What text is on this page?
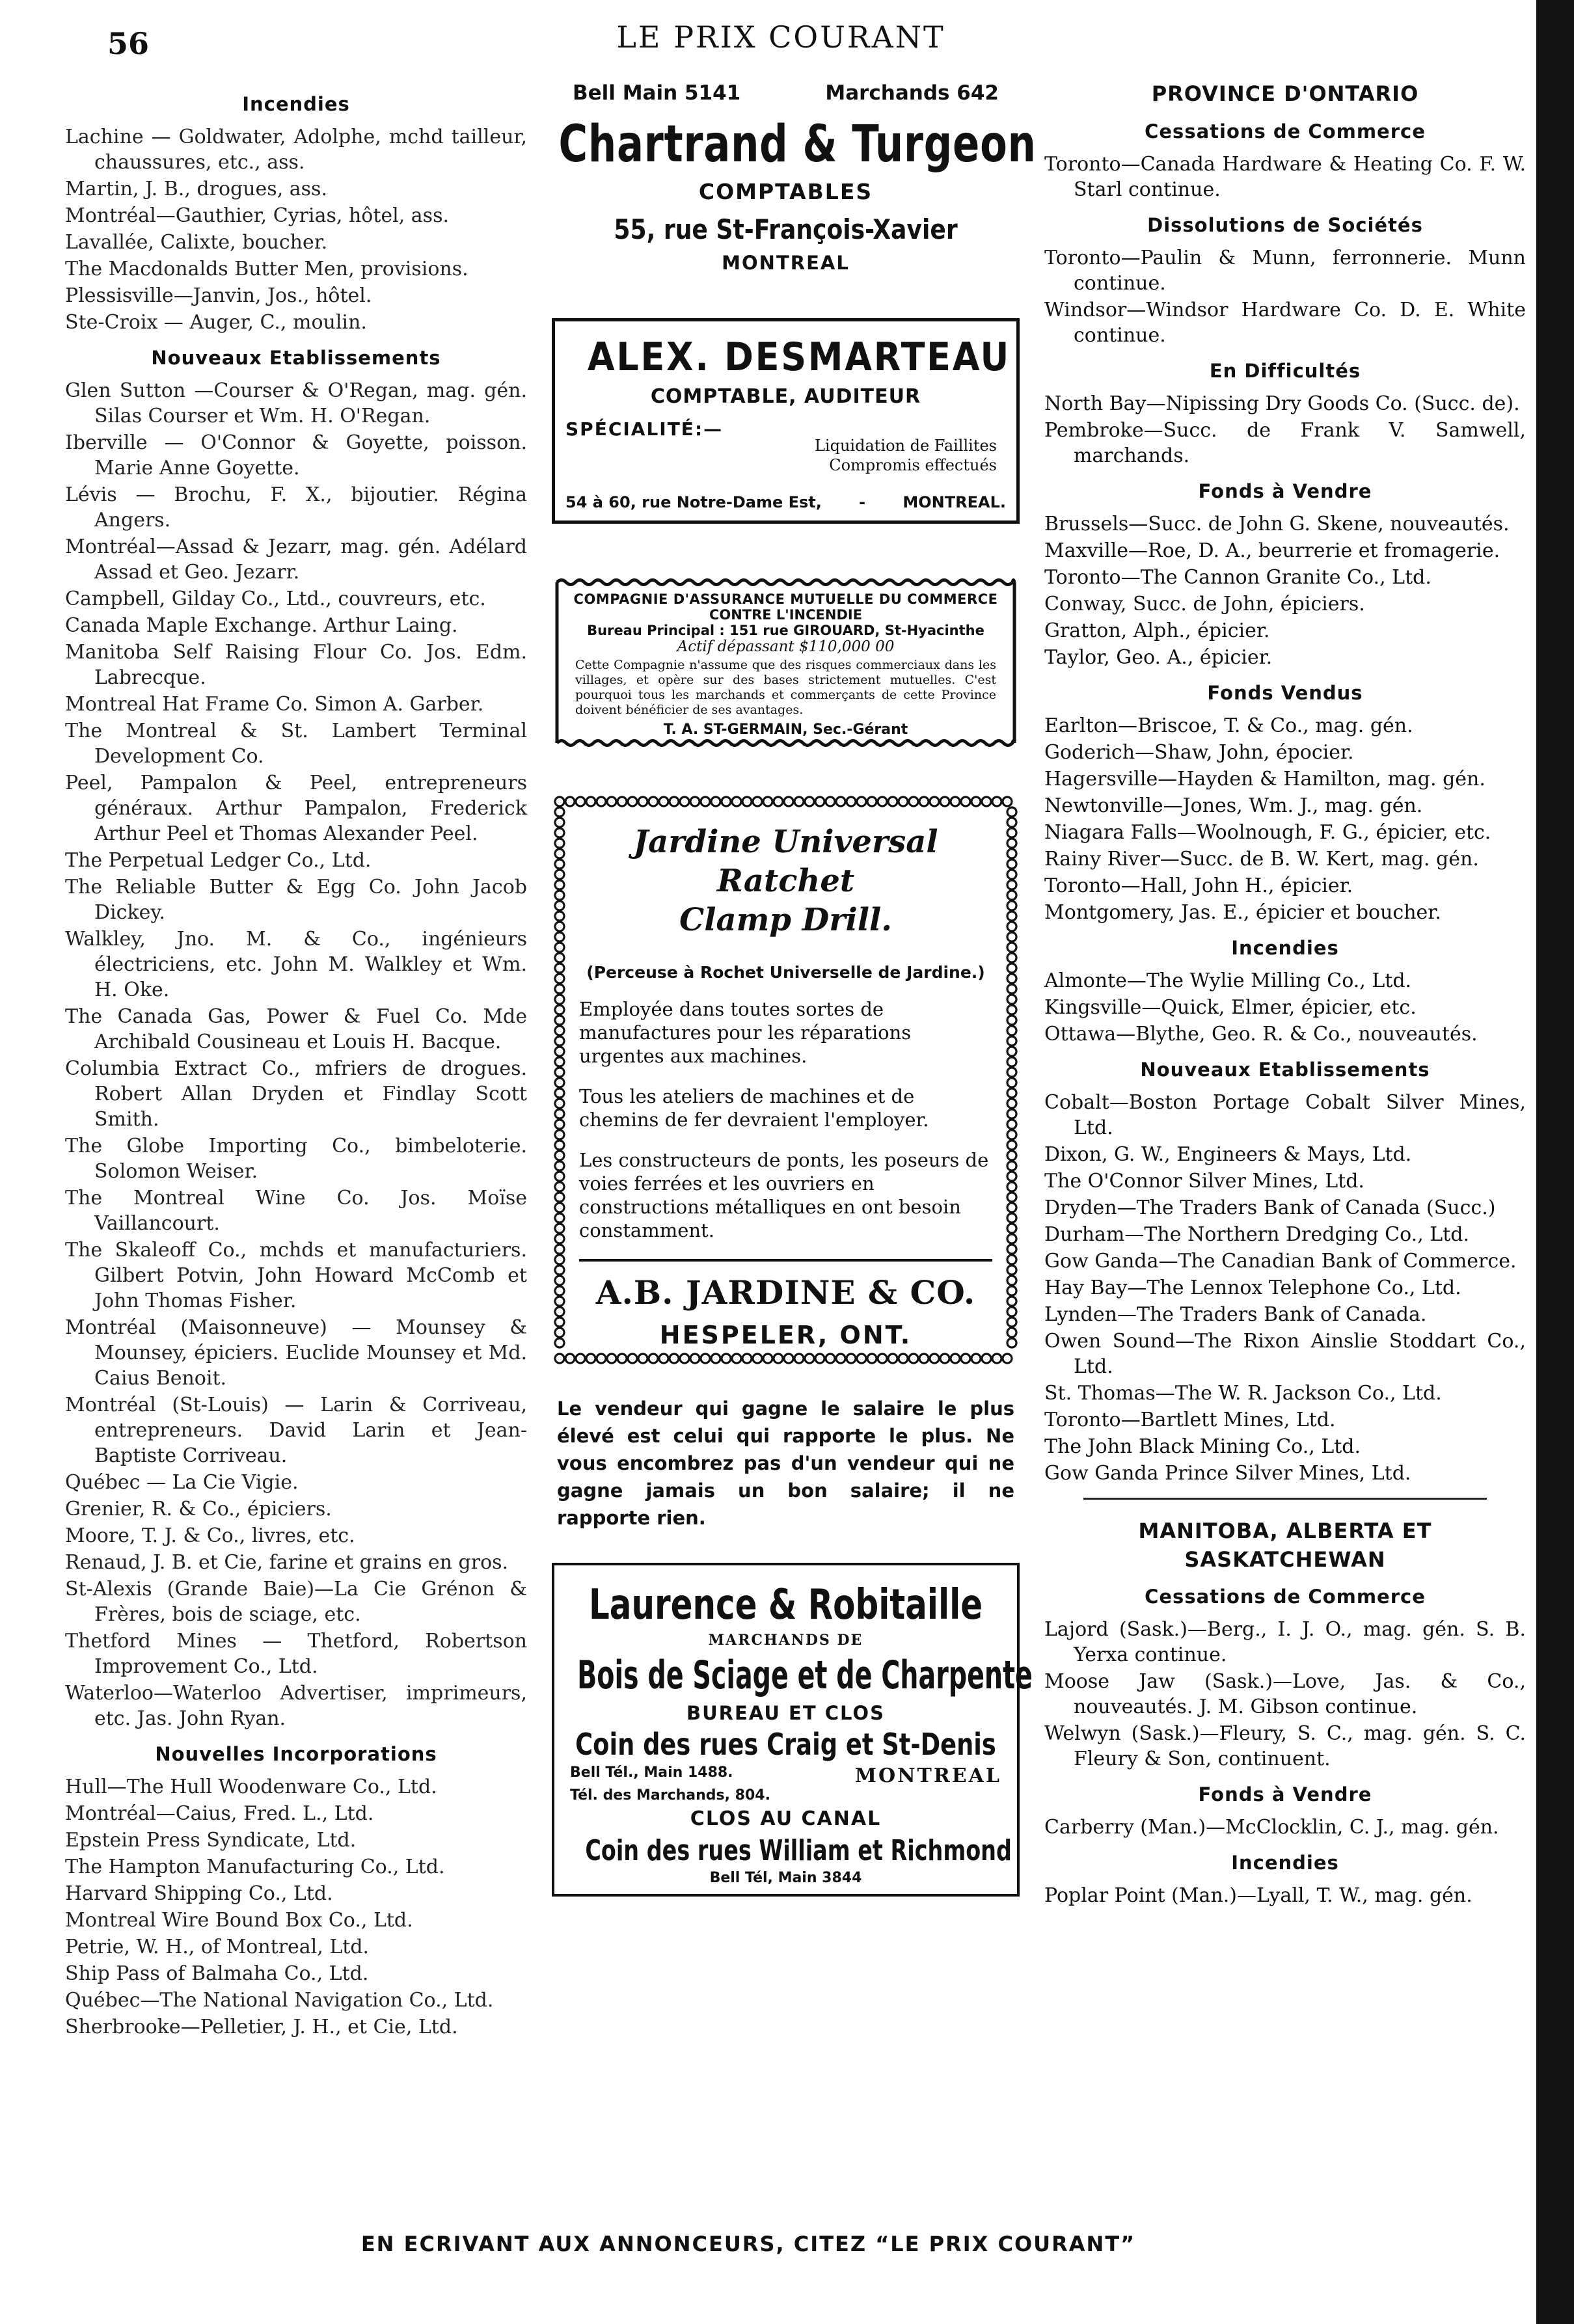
56	LE PRIX COURANT
Incendies
Lachine — Goldwater, Adolphe, mchd tailleur, chaussures, etc., ass.
Martin, J. B., drogues, ass.
Montréal—Gauthier, Cyrias, hôtel, ass.
Lavallée, Calixte, boucher.
The Macdonalds Butter Men, provisions.
Plessisville—Janvin, Jos., hôtel.
Ste-Croix — Auger, C., moulin.
Nouveaux Etablissements
Glen Sutton —Courser & O'Regan, mag. gén. Silas Courser et Wm. H. O'Regan.
Iberville — O'Connor & Goyette, poisson. Marie Anne Goyette.
Lévis — Brochu, F. X., bijoutier. Régina Angers.
Montréal—Assad & Jezarr, mag. gén. Adélard Assad et Geo. Jezarr.
Campbell, Gilday Co., Ltd., couvreurs, etc.
Canada Maple Exchange. Arthur Laing.
Manitoba Self Raising Flour Co. Jos. Edm. Labrecque.
Montreal Hat Frame Co. Simon A. Garber.
The Montreal & St. Lambert Terminal Development Co.
Peel, Pampalon & Peel, entrepreneurs généraux. Arthur Pampalon, Frederick Arthur Peel et Thomas Alexander Peel.
The Perpetual Ledger Co., Ltd.
The Reliable Butter & Egg Co. John Jacob Dickey.
Walkley, Jno. M. & Co., ingénieurs électriciens, etc. John M. Walkley et Wm. H. Oke.
The Canada Gas, Power & Fuel Co. Mde Archibald Cousineau et Louis H. Bacque.
Columbia Extract Co., mfriers de drogues. Robert Allan Dryden et Findlay Scott Smith.
The Globe Importing Co., bimbeloterie. Solomon Weiser.
The Montreal Wine Co. Jos. Moïse Vaillancourt.
The Skaleoff Co., mchds et manufacturiers. Gilbert Potvin, John Howard McComb et John Thomas Fisher.
Montréal (Maisonneuve) — Mounsey & Mounsey, épiciers. Euclide Mounsey et Md. Caius Benoit.
Montréal (St-Louis) — Larin & Corriveau, entrepreneurs. David Larin et Jean-Baptiste Corriveau.
Québec — La Cie Vigie.
Grenier, R. & Co., épiciers.
Moore, T. J. & Co., livres, etc.
Renaud, J. B. et Cie, farine et grains en gros.
St-Alexis (Grande Baie)—La Cie Grénon & Frères, bois de sciage, etc.
Thetford Mines — Thetford, Robertson Improvement Co., Ltd.
Waterloo—Waterloo Advertiser, imprimeurs, etc. Jas. John Ryan.
Nouvelles Incorporations
Hull—The Hull Woodenware Co., Ltd.
Montréal—Caius, Fred. L., Ltd.
Epstein Press Syndicate, Ltd.
The Hampton Manufacturing Co., Ltd.
Harvard Shipping Co., Ltd.
Montreal Wire Bound Box Co., Ltd.
Petrie, W. H., of Montreal, Ltd.
Ship Pass of Balmaha Co., Ltd.
Québec—The National Navigation Co., Ltd.
Sherbrooke—Pelletier, J. H., et Cie, Ltd.
Bell Main 5141	Marchands 642
Chartrand & Turgeon
COMPTABLES
55, rue St-François-Xavier
MONTREAL
ALEX. DESMARTEAU
COMPTABLE, AUDITEUR
SPÉCIALITÉ:—
Liquidation de Faillites
Compromis effectués
54 à 60, rue Notre-Dame Est, - MONTREAL.
COMPAGNIE D'ASSURANCE MUTUELLE DU COMMERCE
CONTRE L'INCENDIE
Bureau Principal : 151 rue GIROUARD, St-Hyacinthe
Actif dépassant $110,000 00
Cette Compagnie n'assume que des risques commerciaux dans les villages, et opère sur des bases strictement mutuelles. C'est pourquoi tous les marchands et commerçants de cette Province doivent bénéficier de ses avantages.
T. A. ST-GERMAIN, Sec.-Gérant
Jardine Universal Ratchet
Clamp Drill.
(Perceuse à Rochet Universelle de Jardine.)
Employée dans toutes sortes de manufactures pour les réparations urgentes aux machines.
Tous les ateliers de machines et de chemins de fer devraient l'employer.
Les constructeurs de ponts, les poseurs de voies ferrées et les ouvriers en constructions métalliques en ont besoin constamment.
A.B. JARDINE & CO.
HESPELER, ONT.
Le vendeur qui gagne le salaire le plus élevé est celui qui rapporte le plus. Ne vous encombrez pas d'un vendeur qui ne gagne jamais un bon salaire; il ne rapporte rien.
Laurence & Robitaille
MARCHANDS DE
Bois de Sciage et de Charpente
BUREAU ET CLOS
Coin des rues Craig et St-Denis
Bell Tél., Main 1488.	MONTREAL
Tél. des Marchands, 804.
CLOS AU CANAL
Coin des rues William et Richmond
Bell Tél, Main 3844
PROVINCE D'ONTARIO
Cessations de Commerce
Toronto—Canada Hardware & Heating Co. F. W. Starl continue.
Dissolutions de Sociétés
Toronto—Paulin & Munn, ferronnerie. Munn continue.
Windsor—Windsor Hardware Co. D. E. White continue.
En Difficultés
North Bay—Nipissing Dry Goods Co. (Succ. de).
Pembroke—Succ. de Frank V. Samwell, marchands.
Fonds à Vendre
Brussels—Succ. de John G. Skene, nouveautés.
Maxville—Roe, D. A., beurrerie et fromagerie.
Toronto—The Cannon Granite Co., Ltd.
Conway, Succ. de John, épiciers.
Gratton, Alph., épicier.
Taylor, Geo. A., épicier.
Fonds Vendus
Earlton—Briscoe, T. & Co., mag. gén.
Goderich—Shaw, John, épocier.
Hagersville—Hayden & Hamilton, mag. gén.
Newtonville—Jones, Wm. J., mag. gén.
Niagara Falls—Woolnough, F. G., épicier, etc.
Rainy River—Succ. de B. W. Kert, mag. gén.
Toronto—Hall, John H., épicier.
Montgomery, Jas. E., épicier et boucher.
Incendies
Almonte—The Wylie Milling Co., Ltd.
Kingsville—Quick, Elmer, épicier, etc.
Ottawa—Blythe, Geo. R. & Co., nouveautés.
Nouveaux Etablissements
Cobalt—Boston Portage Cobalt Silver Mines, Ltd.
Dixon, G. W., Engineers & Mays, Ltd.
The O'Connor Silver Mines, Ltd.
Dryden—The Traders Bank of Canada (Succ.)
Durham—The Northern Dredging Co., Ltd.
Gow Ganda—The Canadian Bank of Commerce.
Hay Bay—The Lennox Telephone Co., Ltd.
Lynden—The Traders Bank of Canada.
Owen Sound—The Rixon Ainslie Stoddart Co., Ltd.
St. Thomas—The W. R. Jackson Co., Ltd.
Toronto—Bartlett Mines, Ltd.
The John Black Mining Co., Ltd.
Gow Ganda Prince Silver Mines, Ltd.
MANITOBA, ALBERTA ET SASKATCHEWAN
Cessations de Commerce
Lajord (Sask.)—Berg., I. J. O., mag. gén. S. B. Yerxa continue.
Moose Jaw (Sask.)—Love, Jas. & Co., nouveautés. J. M. Gibson continue.
Welwyn (Sask.)—Fleury, S. C., mag. gén. S. C. Fleury & Son, continuent.
Fonds à Vendre
Carberry (Man.)—McClocklin, C. J., mag. gén.
Incendies
Poplar Point (Man.)—Lyall, T. W., mag. gén.
EN ECRIVANT AUX ANNONCEURS, CITEZ “LE PRIX COURANT”
